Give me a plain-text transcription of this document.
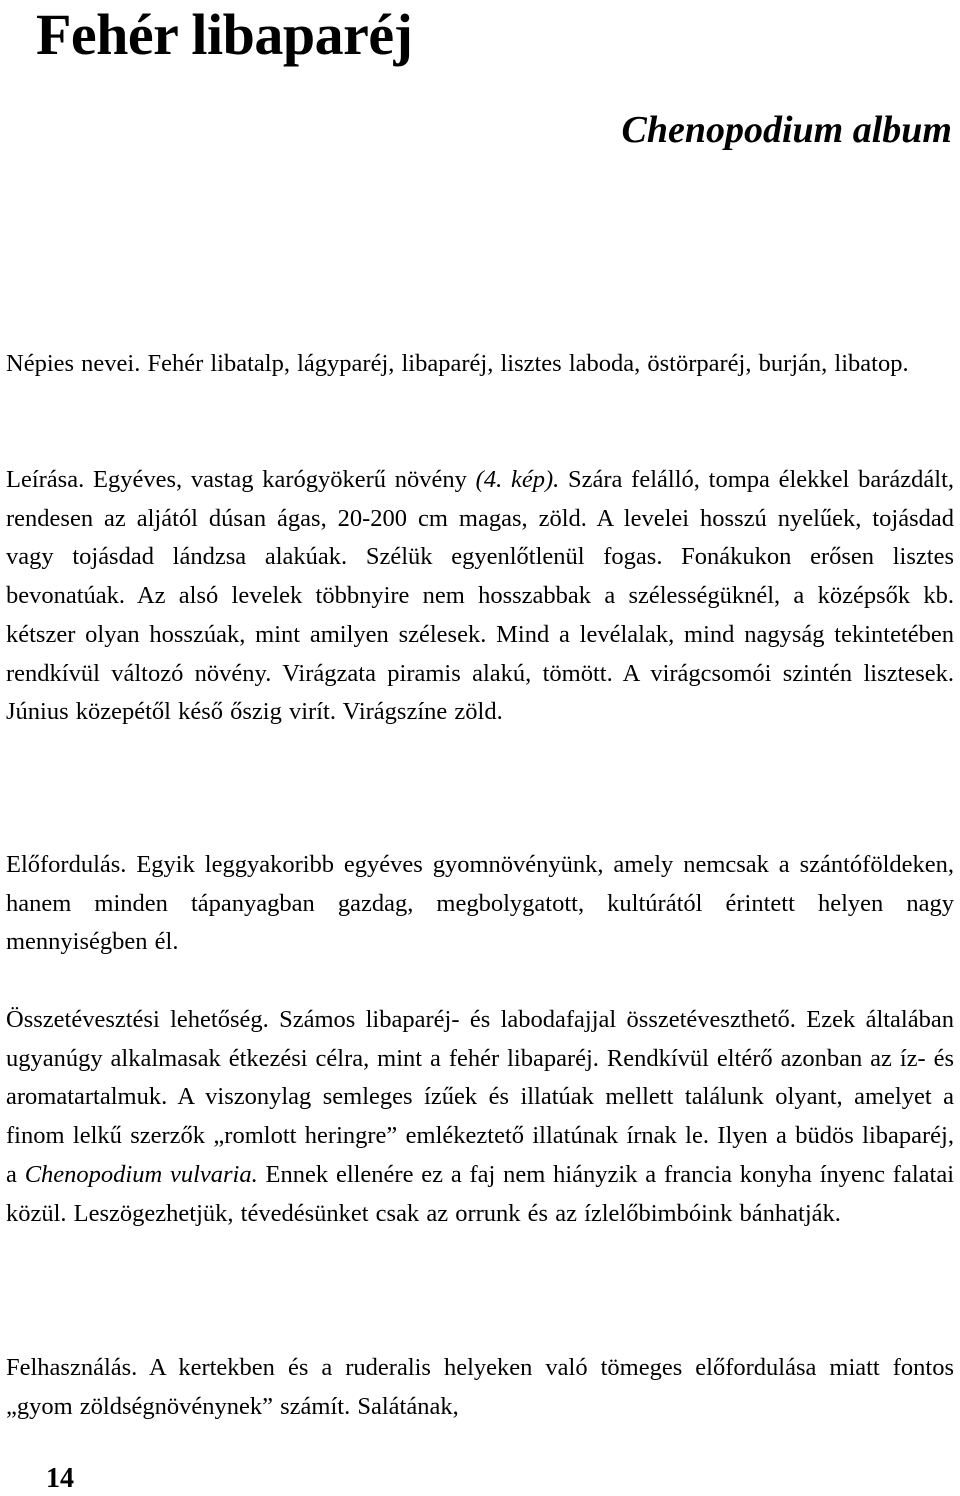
Fehér libaparéj
Chenopodium album

Népies nevei. Fehér libatalp, lágyparéj, libaparéj, lisztes laboda, östörparéj, burján, libatop.

Leírása. Egyéves, vastag karógyökerű növény (4. kép). Szára felálló, tompa élekkel barázdált, rendesen az aljától dúsan ágas, 20-200 cm magas, zöld. A levelei hosszú nyelűek, tojásdad vagy tojásdad lándzsa alakúak. Szélük egyenlőtlenül fogas. Fonákukon erősen lisztes bevonatúak. Az alsó levelek többnyire nem hosszabbak a szélességüknél, a középsők kb. kétszer olyan hosszúak, mint amilyen szélesek. Mind a levélalak, mind nagyság tekintetében rendkívül változó növény. Virágzata piramis alakú, tömött. A virágcsomói szintén lisztesek. Június közepétől késő őszig virít. Virágszíne zöld.

Előfordulás. Egyik leggyakoribb egyéves gyomnövényünk, amely nemcsak a szántóföldeken, hanem minden tápanyagban gazdag, megbolygatott, kultúrától érintett helyen nagy mennyiségben él.

Összetévesztési lehetőség. Számos libaparéj- és labodafajjal összetéveszthető. Ezek általában ugyanúgy alkalmasak étkezési célra, mint a fehér libaparéj. Rendkívül eltérő azonban az íz- és aromatartalmuk. A viszonylag semleges ízűek és illatúak mellett találunk olyant, amelyet a finom lelkű szerzők „romlott heringre” emlékeztető illatúnak írnak le. Ilyen a büdös libaparéj, a Chenopodium vulvaria. Ennek ellenére ez a faj nem hiányzik a francia konyha ínyenc falatai közül. Leszögezhetjük, tévedésünket csak az orrunk és az ízlelőbimbóink bánhatják.

Felhasználás. A kertekben és a ruderalis helyeken való tömeges előfordulása miatt fontos „gyom zöldségnövénynek” számít. Salátának,

14
